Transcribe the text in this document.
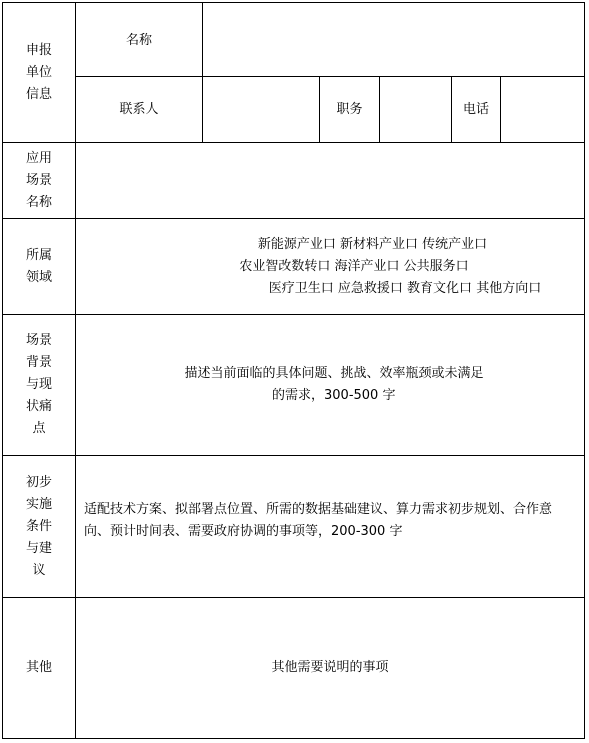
申报
单位
信息	名称					
	联系人		职务		电话	

应用
场景
名称						

所属
领域	新能源产业口 新材料产业口 传统产业口
农业智改数转口 海洋产业口 公共服务口
医疗卫生口 应急救援口 教育文化口 其他方向口					

场景
背景
与现
状痛
点	描述当前面临的具体问题、挑战、效率瓶颈或未满足
的需求，300-500 字					

初步
实施
条件
与建
议	适配技术方案、拟部署点位置、所需的数据基础建议、算力需求初步规划、合作意
向、预计时间表、需要政府协调的事项等，200-300 字					

其他	其他需要说明的事项					
